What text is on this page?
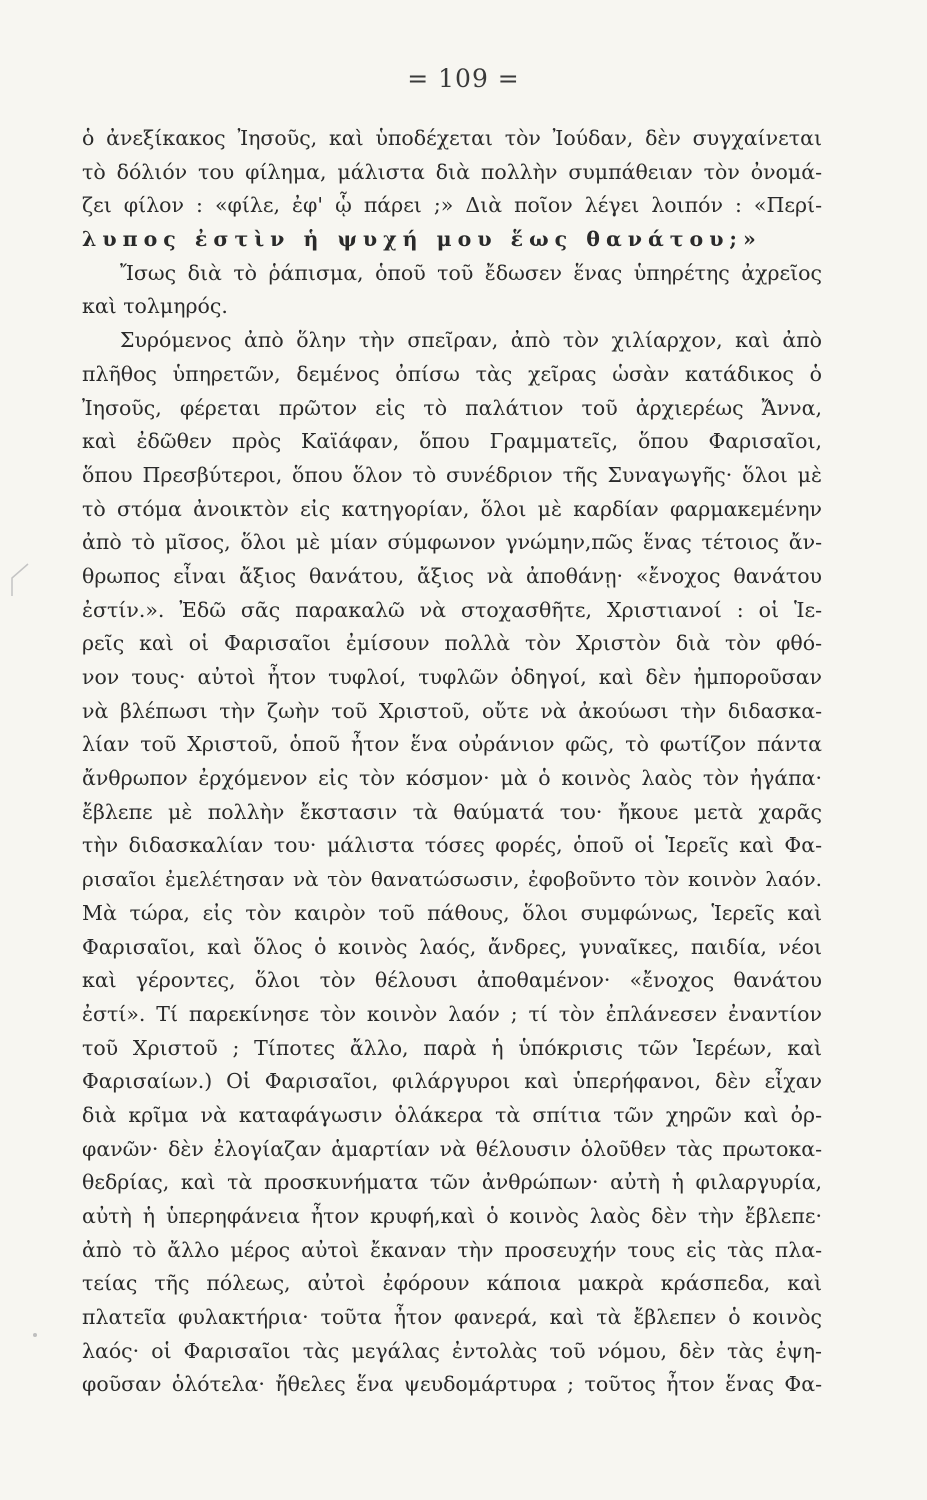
= 109 =
ὁ ἀνεξίκακος Ἰησοῦς, καὶ ὑποδέχεται τὸν Ἰούδαν, δὲν συγχαίνεται
τὸ δόλιόν του φίλημα, μάλιστα διὰ πολλὴν συμπάθειαν τὸν ὀνομά-
ζει φίλον : «φίλε, ἐφ' ᾧ πάρει ;» Διὰ ποῖον λέγει λοιπόν : «Περί-
λυπος ἐστὶν ἡ ψυχή μου ἕως θανάτου;»
Ἴσως διὰ τὸ ῥάπισμα, ὁποῦ τοῦ ἔδωσεν ἕνας ὑπηρέτης ἀχρεῖος
καὶ τολμηρός.
Συρόμενος ἀπὸ ὅλην τὴν σπεῖραν, ἀπὸ τὸν χιλίαρχον, καὶ ἀπὸ
πλῆθος ὑπηρετῶν, δεμένος ὀπίσω τὰς χεῖρας ὡσὰν κατάδικος ὁ
Ἰησοῦς, φέρεται πρῶτον εἰς τὸ παλάτιον τοῦ ἀρχιερέως Ἄννα,
καὶ ἐδῶθεν πρὸς Καϊάφαν, ὅπου Γραμματεῖς, ὅπου Φαρισαῖοι,
ὅπου Πρεσβύτεροι, ὅπου ὅλον τὸ συνέδριον τῆς Συναγωγῆς· ὅλοι μὲ
τὸ στόμα ἀνοικτὸν εἰς κατηγορίαν, ὅλοι μὲ καρδίαν φαρμακεμένην
ἀπὸ τὸ μῖσος, ὅλοι μὲ μίαν σύμφωνον γνώμην,πῶς ἕνας τέτοιος ἄν-
θρωπος εἶναι ἄξιος θανάτου, ἄξιος νὰ ἀποθάνῃ· «ἔνοχος θανάτου
ἐστίν.». Ἐδῶ σᾶς παρακαλῶ νὰ στοχασθῆτε, Χριστιανοί : οἱ Ἱε-
ρεῖς καὶ οἱ Φαρισαῖοι ἐμίσουν πολλὰ τὸν Χριστὸν διὰ τὸν φθό-
νον τους· αὐτοὶ ἦτον τυφλοί, τυφλῶν ὁδηγοί, καὶ δὲν ἠμποροῦσαν
νὰ βλέπωσι τὴν ζωὴν τοῦ Χριστοῦ, οὔτε νὰ ἀκούωσι τὴν διδασκα-
λίαν τοῦ Χριστοῦ, ὁποῦ ἦτον ἕνα οὐράνιον φῶς, τὸ φωτίζον πάντα
ἄνθρωπον ἐρχόμενον εἰς τὸν κόσμον· μὰ ὁ κοινὸς λαὸς τὸν ἠγάπα·
ἔβλεπε μὲ πολλὴν ἔκστασιν τὰ θαύματά του· ἤκουε μετὰ χαρᾶς
τὴν διδασκαλίαν του· μάλιστα τόσες φορές, ὁποῦ οἱ Ἱερεῖς καὶ Φα-
ρισαῖοι ἐμελέτησαν νὰ τὸν θανατώσωσιν, ἐφοβοῦντο τὸν κοινὸν λαόν.
Μὰ τώρα, εἰς τὸν καιρὸν τοῦ πάθους, ὅλοι συμφώνως, Ἱερεῖς καὶ
Φαρισαῖοι, καὶ ὅλος ὁ κοινὸς λαός, ἄνδρες, γυναῖκες, παιδία, νέοι
καὶ γέροντες, ὅλοι τὸν θέλουσι ἀποθαμένον· «ἔνοχος θανάτου
ἐστί». Τί παρεκίνησε τὸν κοινὸν λαόν ; τί τὸν ἐπλάνεσεν ἐναντίον
τοῦ Χριστοῦ ; Τίποτες ἄλλο, παρὰ ἡ ὑπόκρισις τῶν Ἱερέων, καὶ
Φαρισαίων.) Οἱ Φαρισαῖοι, φιλάργυροι καὶ ὑπερήφανοι, δὲν εἶχαν
διὰ κρῖμα νὰ καταφάγωσιν ὁλάκερα τὰ σπίτια τῶν χηρῶν καὶ ὀρ-
φανῶν· δὲν ἐλογίαζαν ἁμαρτίαν νὰ θέλουσιν ὁλοῦθεν τὰς πρωτοκα-
θεδρίας, καὶ τὰ προσκυνήματα τῶν ἀνθρώπων· αὐτὴ ἡ φιλαργυρία,
αὐτὴ ἡ ὑπερηφάνεια ἦτον κρυφή,καὶ ὁ κοινὸς λαὸς δὲν τὴν ἔβλεπε·
ἀπὸ τὸ ἄλλο μέρος αὐτοὶ ἔκαναν τὴν προσευχήν τους εἰς τὰς πλα-
τείας τῆς πόλεως, αὐτοὶ ἐφόρουν κάποια μακρὰ κράσπεδα, καὶ
πλατεῖα φυλακτήρια· τοῦτα ἦτον φανερά, καὶ τὰ ἔβλεπεν ὁ κοινὸς
λαός· οἱ Φαρισαῖοι τὰς μεγάλας ἐντολὰς τοῦ νόμου, δὲν τὰς ἐψη-
φοῦσαν ὁλότελα· ἤθελες ἕνα ψευδομάρτυρα ; τοῦτος ἦτον ἕνας Φα-
